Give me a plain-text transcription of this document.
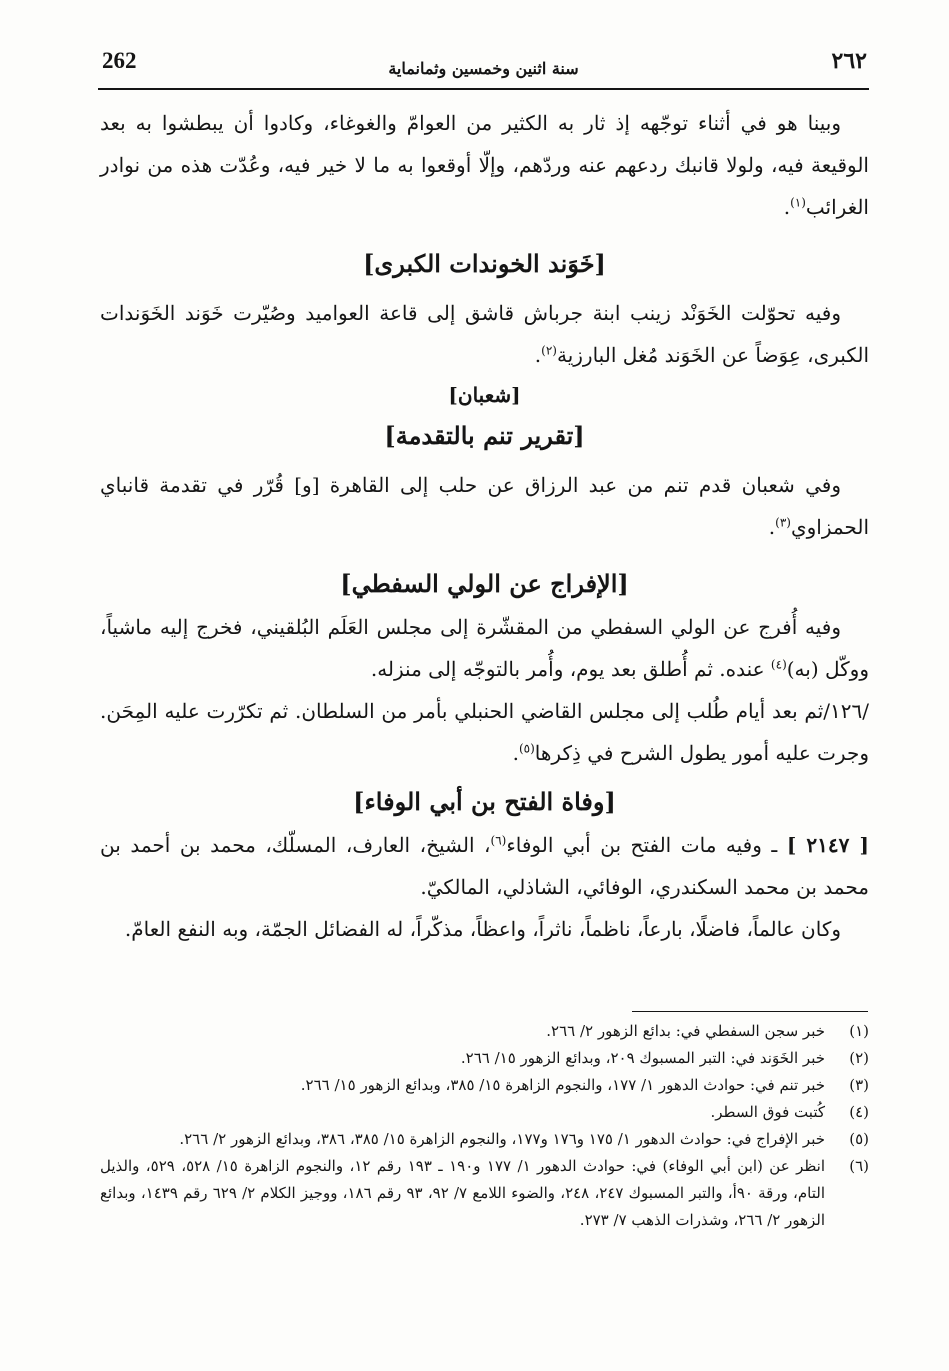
262	سنة اثنين وخمسين وثمانماية	٢٦٢

وبينا هو في أثناء توجّهه إذ ثار به الكثير من العوامّ والغوغاء، وكادوا أن يبطشوا به بعد الوقيعة فيه، ولولا قانبك ردعهم عنه وردّهم، وإلّا أوقعوا به ما لا خير فيه، وعُدّت هذه من نوادر الغرائب$^{(١)}$.

[خَوَند الخوندات الكبرى]

وفيه تحوّلت الخَوَنْد زينب ابنة جرباش قاشق إلى قاعة العواميد وصُيّرت خَوَند الخَوَندات الكبرى، عِوَضاً عن الخَوَند مُغل البارزية$^{(٢)}$.

[شعبان]
[تقرير تنم بالتقدمة]

وفي شعبان قدم تنم من عبد الرزاق عن حلب إلى القاهرة [و] قُرّر في تقدمة قانباي الحمزاوي$^{(٣)}$.

[الإفراج عن الولي السفطي]

وفيه أُفرج عن الولي السفطي من المقشّرة إلى مجلس العَلَم البُلقيني، فخرج إليه ماشياً، ووكّل (به)$^{(٤)}$ عنده. ثم أُطلق بعد يوم، وأُمر بالتوجّه إلى منزله.

/١٢٦/ثم بعد أيام طُلب إلى مجلس القاضي الحنبلي بأمر من السلطان. ثم تكرّرت عليه المِحَن. وجرت عليه أمور يطول الشرح في ذِكرها$^{(٥)}$.

[وفاة الفتح بن أبي الوفاء]

[ ٢١٤٧ ] ـ وفيه مات الفتح بن أبي الوفاء$^{(٦)}$، الشيخ، العارف، المسلّك، محمد بن أحمد بن محمد بن محمد السكندري، الوفائي، الشاذلي، المالكيّ.

وكان عالماً، فاضلًا، بارعاً، ناظماً، ناثراً، واعظاً، مذكّراً، له الفضائل الجمّة، وبه النفع العامّ.

(١)
خبر سجن السفطي في: بدائع الزهور ٢/ ٢٦٦.
(٢)
خبر الخَوَند في: التبر المسبوك ٢٠٩، وبدائع الزهور ١٥/ ٢٦٦.
(٣)
خبر تنم في: حوادث الدهور ١/ ١٧٧، والنجوم الزاهرة ١٥/ ٣٨٥، وبدائع الزهور ١٥/ ٢٦٦.
(٤)
كُتبت فوق السطر.
(٥)
خبر الإفراج في: حوادث الدهور ١/ ١٧٥ و١٧٦ و١٧٧، والنجوم الزاهرة ١٥/ ٣٨٥، ٣٨٦، وبدائع الزهور ٢/ ٢٦٦.
(٦)
انظر عن (ابن أبي الوفاء) في: حوادث الدهور ١/ ١٧٧ و١٩٠ ـ ١٩٣ رقم ١٢، والنجوم الزاهرة ١٥/ ٥٢٨، ٥٢٩، والذيل التام، ورقة ٩٠أ، والتبر المسبوك ٢٤٧، ٢٤٨، والضوء اللامع ٧/ ٩٢، ٩٣ رقم ١٨٦، ووجيز الكلام ٢/ ٦٢٩ رقم ١٤٣٩، وبدائع الزهور ٢/ ٢٦٦، وشذرات الذهب ٧/ ٢٧٣.
